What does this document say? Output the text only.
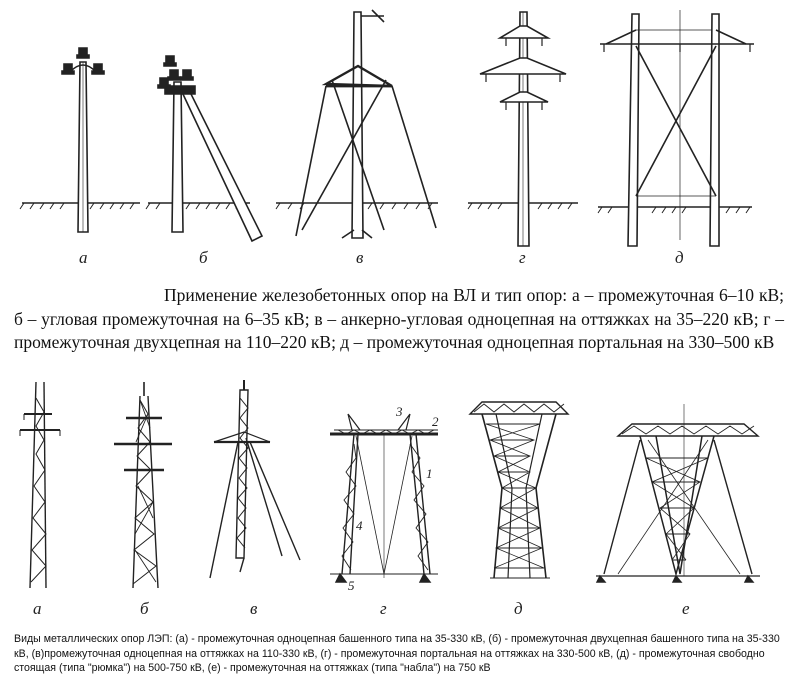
а	б	в	г	д
Применение железобетонных опор на ВЛ и тип опор: а – промежуточная 6–10 кВ; б – угловая промежуточная на 6–35 кВ; в – анкерно-угловая одноцепная на оттяжках на 35–220 кВ; г – промежуточная двухцепная на 110–220 кВ; д – промежуточная одноцепная портальная на 330–500 кВ
3
2
1
4
5
а	б	в	г	д	е
Виды металлических опор ЛЭП: (а) - промежуточная одноцепная башенного типа на 35-330 кВ, (б) - промежуточная двухцепная башенного типа на 35-330 кВ, (в)промежуточная одноцепная на оттяжках на 110-330 кВ, (г) - промежуточная портальная на оттяжках на 330-500 кВ, (д) - промежуточная свободно стоящая (типа "рюмка") на 500-750 кВ, (е) - промежуточная на оттяжках (типа "набла") на 750 кВ
